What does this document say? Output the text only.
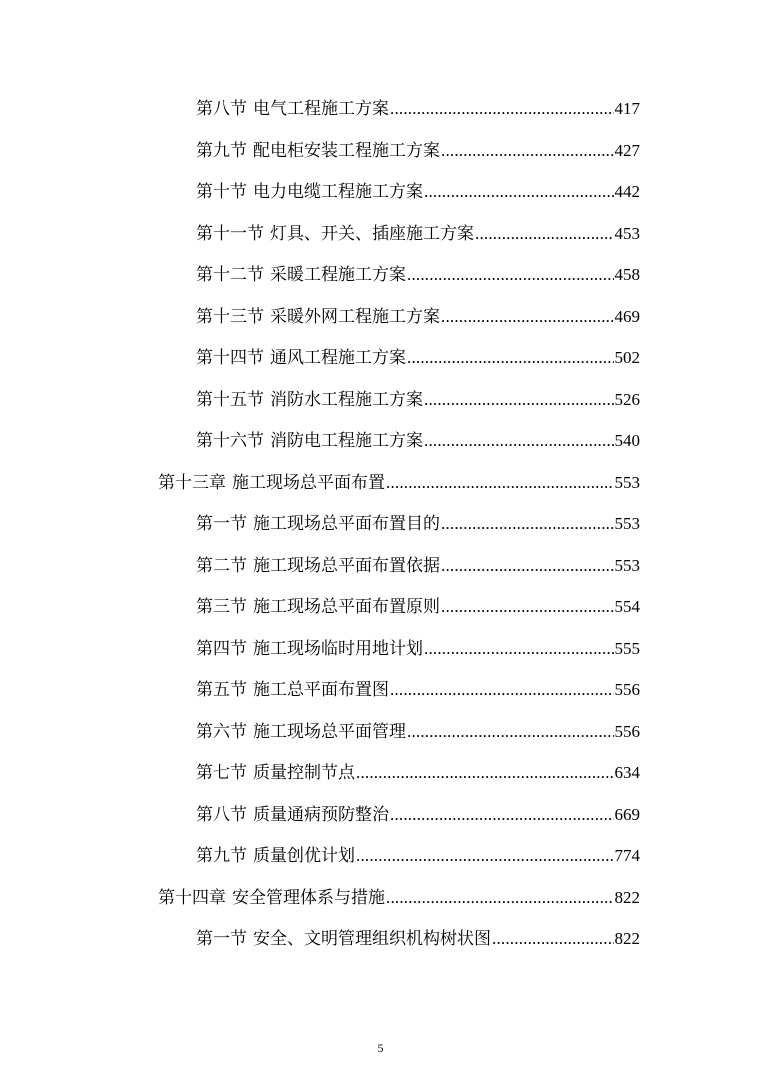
第八节 电气工程施工方案 .....	417
第九节 配电柜安装工程施工方案 .....	427
第十节 电力电缆工程施工方案 .....	442
第十一节 灯具、开关、插座施工方案 .....	453
第十二节 采暖工程施工方案 .....	458
第十三节 采暖外网工程施工方案 .....	469
第十四节 通风工程施工方案 .....	502
第十五节 消防水工程施工方案 .....	526
第十六节 消防电工程施工方案 .....	540
第十三章 施工现场总平面布置 .....	553
第一节 施工现场总平面布置目的 .....	553
第二节 施工现场总平面布置依据 .....	553
第三节 施工现场总平面布置原则 .....	554
第四节 施工现场临时用地计划 .....	555
第五节 施工总平面布置图 .....	556
第六节 施工现场总平面管理 .....	556
第七节 质量控制节点 .....	634
第八节 质量通病预防整治 .....	669
第九节 质量创优计划 .....	774
第十四章 安全管理体系与措施 .....	822
第一节 安全、文明管理组织机构树状图 .....	822
5
